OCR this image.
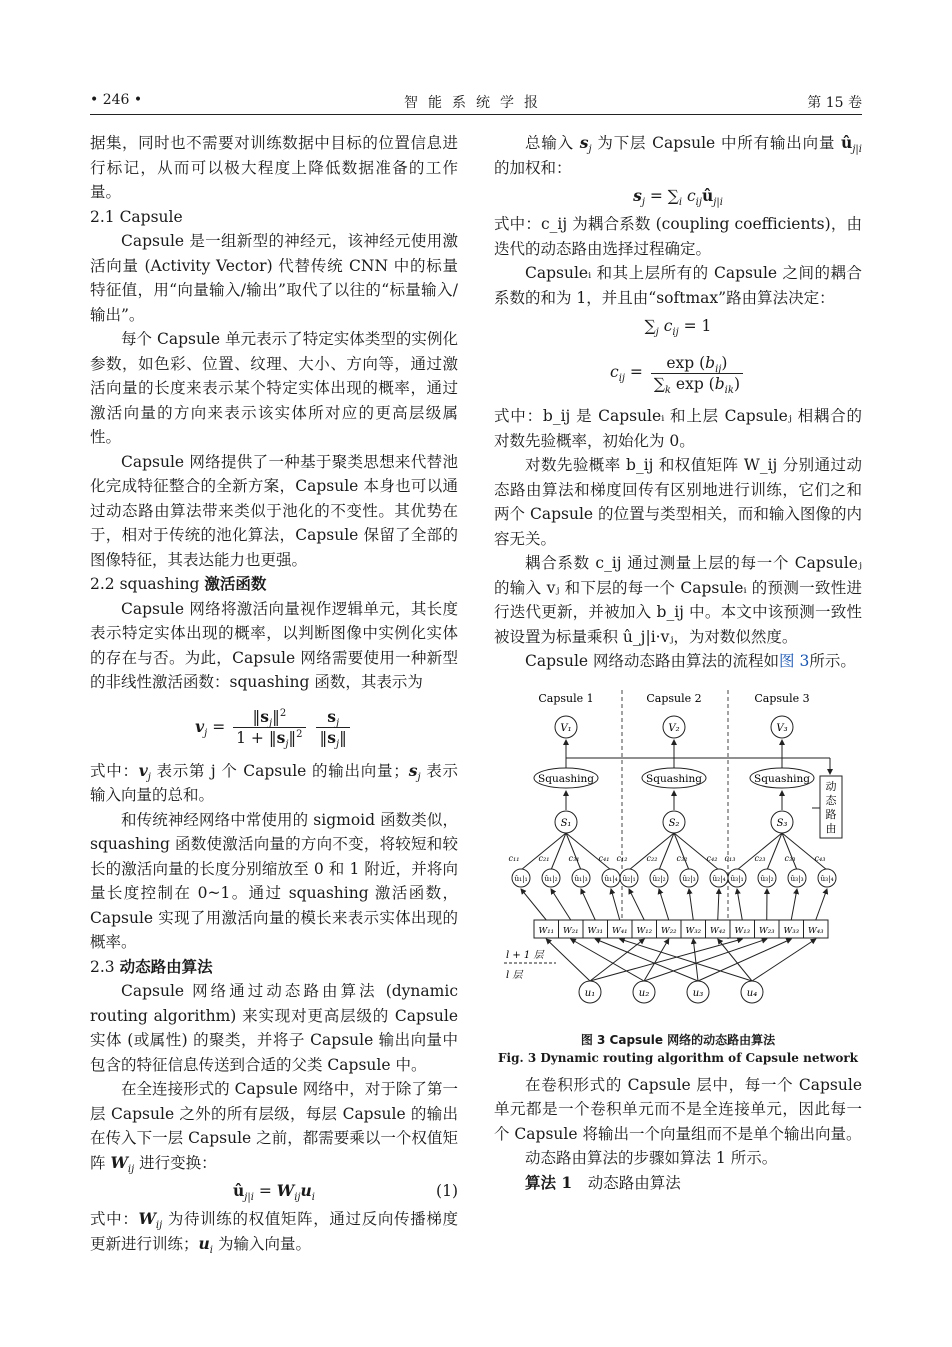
• 246 •	智能系统学报	第 15 卷

据集，同时也不需要对训练数据中目标的位置信息进行标记，从而可以极大程度上降低数据准备的工作量。

2.1 Capsule

Capsule 是一组新型的神经元，该神经元使用激活向量 (Activity Vector) 代替传统 CNN 中的标量特征值，用“向量输入/输出”取代了以往的“标量输入/输出”。

每个 Capsule 单元表示了特定实体类型的实例化参数，如色彩、位置、纹理、大小、方向等，通过激活向量的长度来表示某个特定实体出现的概率，通过激活向量的方向来表示该实体所对应的更高层级属性。

Capsule 网络提供了一种基于聚类思想来代替池化完成特征整合的全新方案，Capsule 本身也可以通过动态路由算法带来类似于池化的不变性。其优势在于，相对于传统的池化算法，Capsule 保留了全部的图像特征，其表达能力也更强。

2.2 squashing 激活函数

Capsule 网络将激活向量视作逻辑单元，其长度表示特定实体出现的概率，以判断图像中实例化实体的存在与否。为此，Capsule 网络需要使用一种新型的非线性激活函数：squashing 函数，其表示为

$v_j = \frac{‖s_j‖^2}{1 + ‖s_j‖^2}$
$\frac{s_j}{‖s_j‖}$

式中：$v_j$ 表示第 j 个 Capsule 的输出向量；$s_j$ 表示输入向量的总和。

和传统神经网络中常使用的 sigmoid 函数类似，squashing 函数使激活向量的方向不变，将较短和较长的激活向量的长度分别缩放至 0 和 1 附近，并将向量长度控制在 0~1。通过 squashing 激活函数，Capsule 实现了用激活向量的模长来表示实体出现的概率。

2.3 动态路由算法

Capsule 网络通过动态路由算法 (dynamic routing algorithm) 来实现对更高层级的 Capsule 实体 (或属性) 的聚类，并将子 Capsule 输出向量中包含的特征信息传送到合适的父类 Capsule 中。

在全连接形式的 Capsule 网络中，对于除了第一层 Capsule 之外的所有层级，每层 Capsule 的输出在传入下一层 Capsule 之前，都需要乘以一个权值矩阵 $W_{ij}$ 进行变换：

$û_{j|i} = W_{ij}u_i$	(1)

式中：$W_{ij}$ 为待训练的权值矩阵，通过反向传播梯度更新进行训练；$u_i$ 为输入向量。

总输入 $s_j$ 为下层 Capsule 中所有输出向量 $û_{j|i}$ 的加权和：

$s_j = \sum_i$ $c_{ij}û_{j|i}$

式中：c_ij 为耦合系数 (coupling coefficients)，由迭代的动态路由选择过程确定。

Capsuleᵢ 和其上层所有的 Capsule 之间的耦合系数的和为 1，并且由“softmax”路由算法决定：

$\sum_j$ $c_{ij} = 1$
$c_{ij} = \frac{\exp (b_{ij})}{\sum_k \exp (b_{ik})}$

式中：b_ij 是 Capsuleᵢ 和上层 Capsuleⱼ 相耦合的对数先验概率，初始化为 0。

对数先验概率 b_ij 和权值矩阵 W_ij 分别通过动态路由算法和梯度回传有区别地进行训练，它们之和两个 Capsule 的位置与类型相关，而和输入图像的内容无关。

耦合系数 c_ij 通过测量上层的每一个 Capsuleⱼ 的输入 vⱼ 和下层的每一个 Capsuleᵢ 的预测一致性进行迭代更新，并被加入 b_ij 中。本文中该预测一致性被设置为标量乘积 û_j|i·vⱼ，为对数似然度。

Capsule 网络动态路由算法的流程如图 3所示。

Capsule 1	Capsule 2	Capsule 3
V₁	V₂	V₃
动
态
路
由
Squashing
S₁
Squashing
S₂
Squashing
S₃
û₁|₁
c₁₁
û₁|₂
c₂₁
û₁|₃
c₃₁
û₁|₄
c₄₁
û₂|₁
c₁₂
û₂|₂
c₂₂
û₂|₃
c₃₂
û₂|₄
c₄₂
û₃|₁
c₁₃
û₃|₂
c₂₃
û₃|₃
c₃₃
û₃|₄
c₄₃
W₁₁ W₂₁ W₃₁ W₄₁ W₁₂ W₂₂ W₃₂ W₄₂ W₁₃ W₂₃ W₃₃ W₄₃
l + 1 层
l 层
u₁	u₂	u₃	u₄
图 3 Capsule 网络的动态路由算法
Fig. 3 Dynamic routing algorithm of Capsule network

在卷积形式的 Capsule 层中，每一个 Capsule 单元都是一个卷积单元而不是全连接单元，因此每一个 Capsule 将输出一个向量组而不是单个输出向量。

动态路由算法的步骤如算法 1 所示。

算法 1　 动态路由算法
